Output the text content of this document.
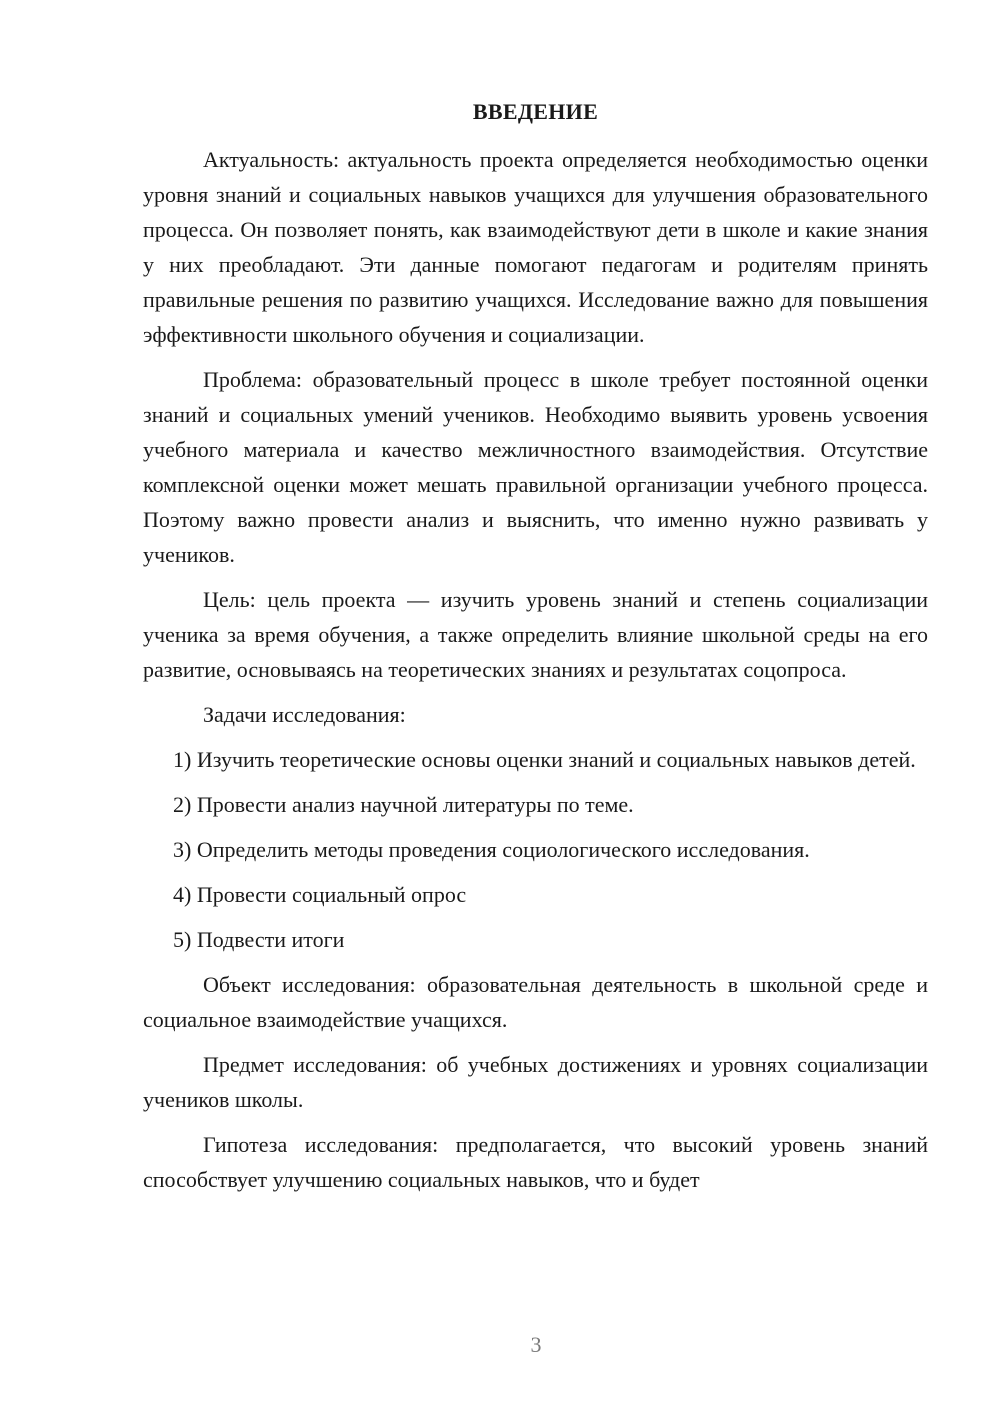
ВВЕДЕНИЕ

Актуальность: актуальность проекта определяется необходимостью оценки уровня знаний и социальных навыков учащихся для улучшения образовательного процесса. Он позволяет понять, как взаимодействуют дети в школе и какие знания у них преобладают. Эти данные помогают педагогам и родителям принять правильные решения по развитию учащихся. Исследование важно для повышения эффективности школьного обучения и социализации.

Проблема: образовательный процесс в школе требует постоянной оценки знаний и социальных умений учеников. Необходимо выявить уровень усвоения учебного материала и качество межличностного взаимодействия. Отсутствие комплексной оценки может мешать правильной организации учебного процесса. Поэтому важно провести анализ и выяснить, что именно нужно развивать у учеников.

Цель: цель проекта — изучить уровень знаний и степень социализации ученика за время обучения, а также определить влияние школьной среды на его развитие, основываясь на теоретических знаниях и результатах соцопроса.

Задачи исследования:

1) Изучить теоретические основы оценки знаний и социальных навыков детей.

2) Провести анализ научной литературы по теме.

3) Определить методы проведения социологического исследования.

4) Провести социальный опрос

5) Подвести итоги

Объект исследования: образовательная деятельность в школьной среде и социальное взаимодействие учащихся.

Предмет исследования: об учебных достижениях и уровнях социализации учеников школы.

Гипотеза исследования: предполагается, что высокий уровень знаний способствует улучшению социальных навыков, что и будет

3
